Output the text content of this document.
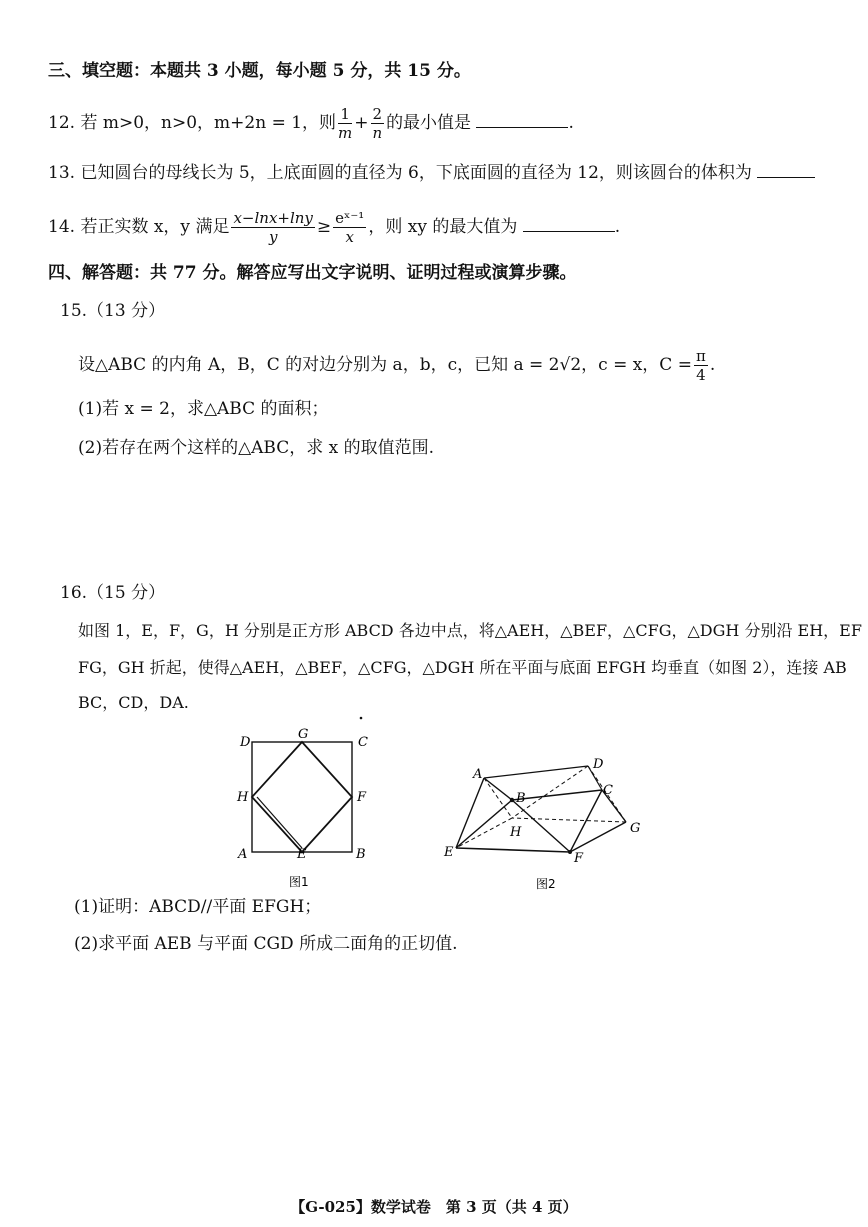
三、填空题：本题共 3 小题，每小题 5 分，共 15 分。
12. 若 m>0，n>0，m+2n = 1，则 $\frac{1}{m} + \frac{2}{n}$ 的最小值是	.
13. 已知圆台的母线长为 5，上底面圆的直径为 6，下底面圆的直径为 12，则该圆台的体积为
14. 若正实数 x，y 满足 $\frac{x-\ln x+\ln y}{y} \ge \frac{\text{eˣ⁻¹}}{x}$ ，则 xy 的最大值为	.
四、解答题：共 77 分。解答应写出文字说明、证明过程或演算步骤。
15.（13 分）
设△ABC 的内角 A，B，C 的对边分别为 a，b，c，已知 a = 2√2，c = x，$C = \frac{\pi}{4}$ .
(1)若 x = 2，求△ABC 的面积；
(2)若存在两个这样的△ABC，求 x 的取值范围.
16.（15 分）
如图 1，E，F，G，H 分别是正方形 ABCD 各边中点，将△AEH，△BEF，△CFG，△DGH 分别沿 EH，EF
FG，GH 折起，使得△AEH，△BEF，△CFG，△DGH 所在平面与底面 EFGH 均垂直（如图 2），连接 AB
BC，CD，DA.
D
G
C
H	F
A	E	B
图1
A
B
C
D
E	F
G
H
图2
(1)证明：ABCD//平面 EFGH；
(2)求平面 AEB 与平面 CGD 所成二面角的正切值.
【G-025】数学试卷　第 3 页（共 4 页）
